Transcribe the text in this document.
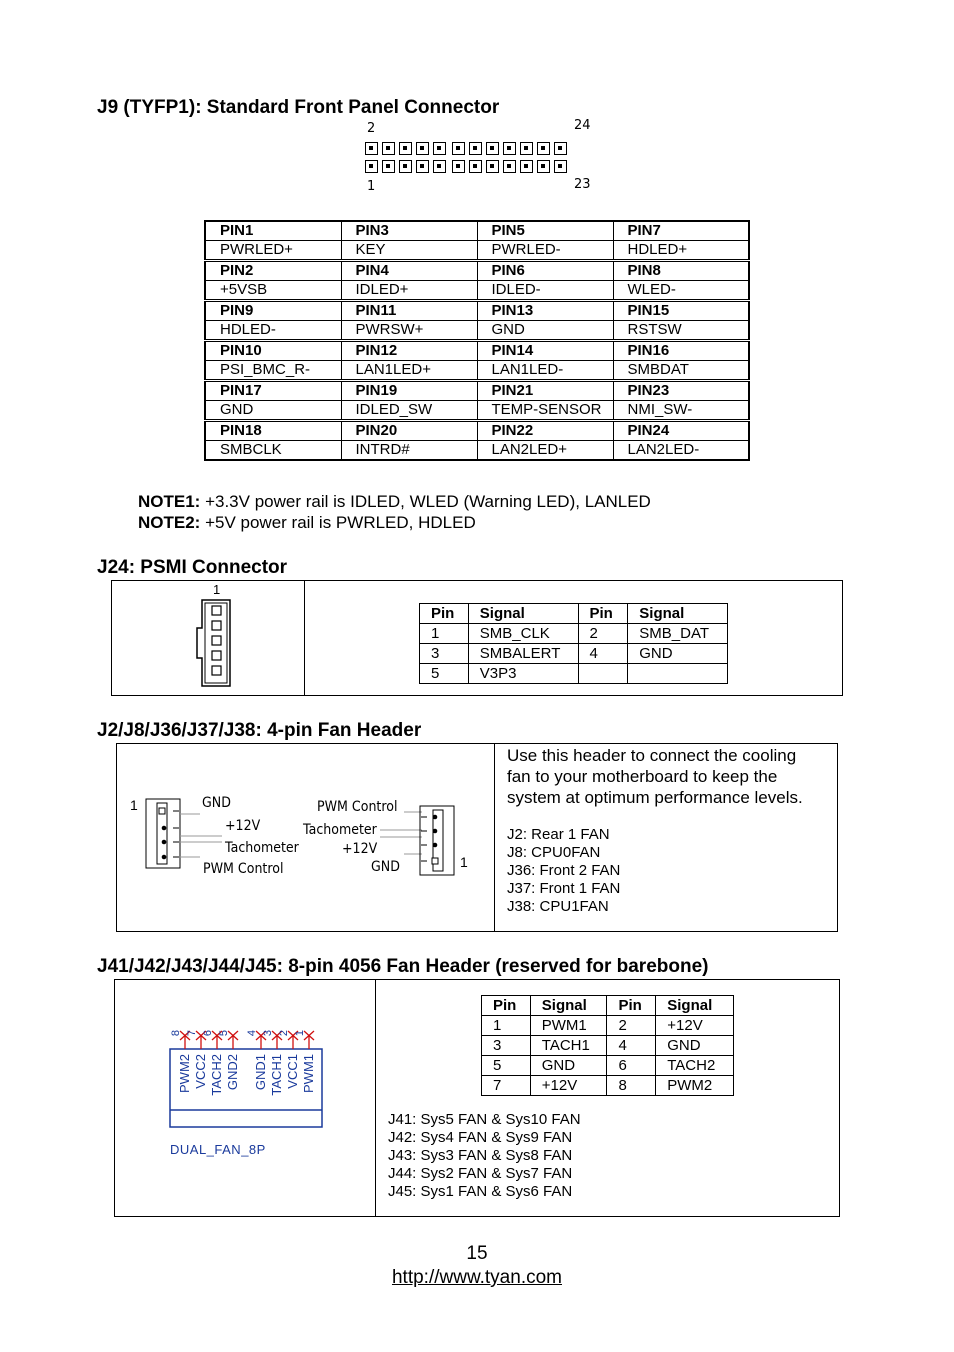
J9 (TYFP1): Standard Front Panel Connector
2	24
1	23
PIN1	PIN3	PIN5	PIN7
PWRLED+	KEY	PWRLED-	HDLED+
PIN2	PIN4	PIN6	PIN8
+5VSB	IDLED+	IDLED-	WLED-
PIN9	PIN11	PIN13	PIN15
HDLED-	PWRSW+	GND	RSTSW
PIN10	PIN12	PIN14	PIN16
PSI_BMC_R-	LAN1LED+	LAN1LED-	SMBDAT
PIN17	PIN19	PIN21	PIN23
GND	IDLED_SW	TEMP-SENSOR	NMI_SW-
PIN18	PIN20	PIN22	PIN24
SMBCLK	INTRD#	LAN2LED+	LAN2LED-
NOTE1: +3.3V power rail is IDLED, WLED (Warning LED), LANLED
NOTE2: +5V power rail is PWRLED, HDLED
J24: PSMI Connector
1
Pin	Signal	Pin	Signal
1	SMB_CLK	2	SMB_DAT
3	SMBALERT	4	GND
5	V3P3		
J2/J8/J36/J37/J38: 4-pin Fan Header
1	GND
+12V
Tachometer
PWM Control
PWM Control
Tachometer
+12V
GND	1
Use this header to connect the cooling
fan to your motherboard to keep the
system at optimum performance levels.
J2: Rear 1 FAN
J8: CPU0FAN
J36: Front 2 FAN
J37: Front 1 FAN
J38: CPU1FAN
J41/J42/J43/J44/J45: 8-pin 4056 Fan Header (reserved for barebone)
8 7 6 5 4 3 2 1
PWM2 VCC2 TACH2 GND2 GND1 TACH1 VCC1 PWM1
DUAL_FAN_8P
Pin	Signal	Pin	Signal
1	PWM1	2	+12V
3	TACH1	4	GND
5	GND	6	TACH2
7	+12V	8	PWM2
J41: Sys5 FAN & Sys10 FAN
J42: Sys4 FAN & Sys9 FAN
J43: Sys3 FAN & Sys8 FAN
J44: Sys2 FAN & Sys7 FAN
J45: Sys1 FAN & Sys6 FAN
15
http://www.tyan.com
